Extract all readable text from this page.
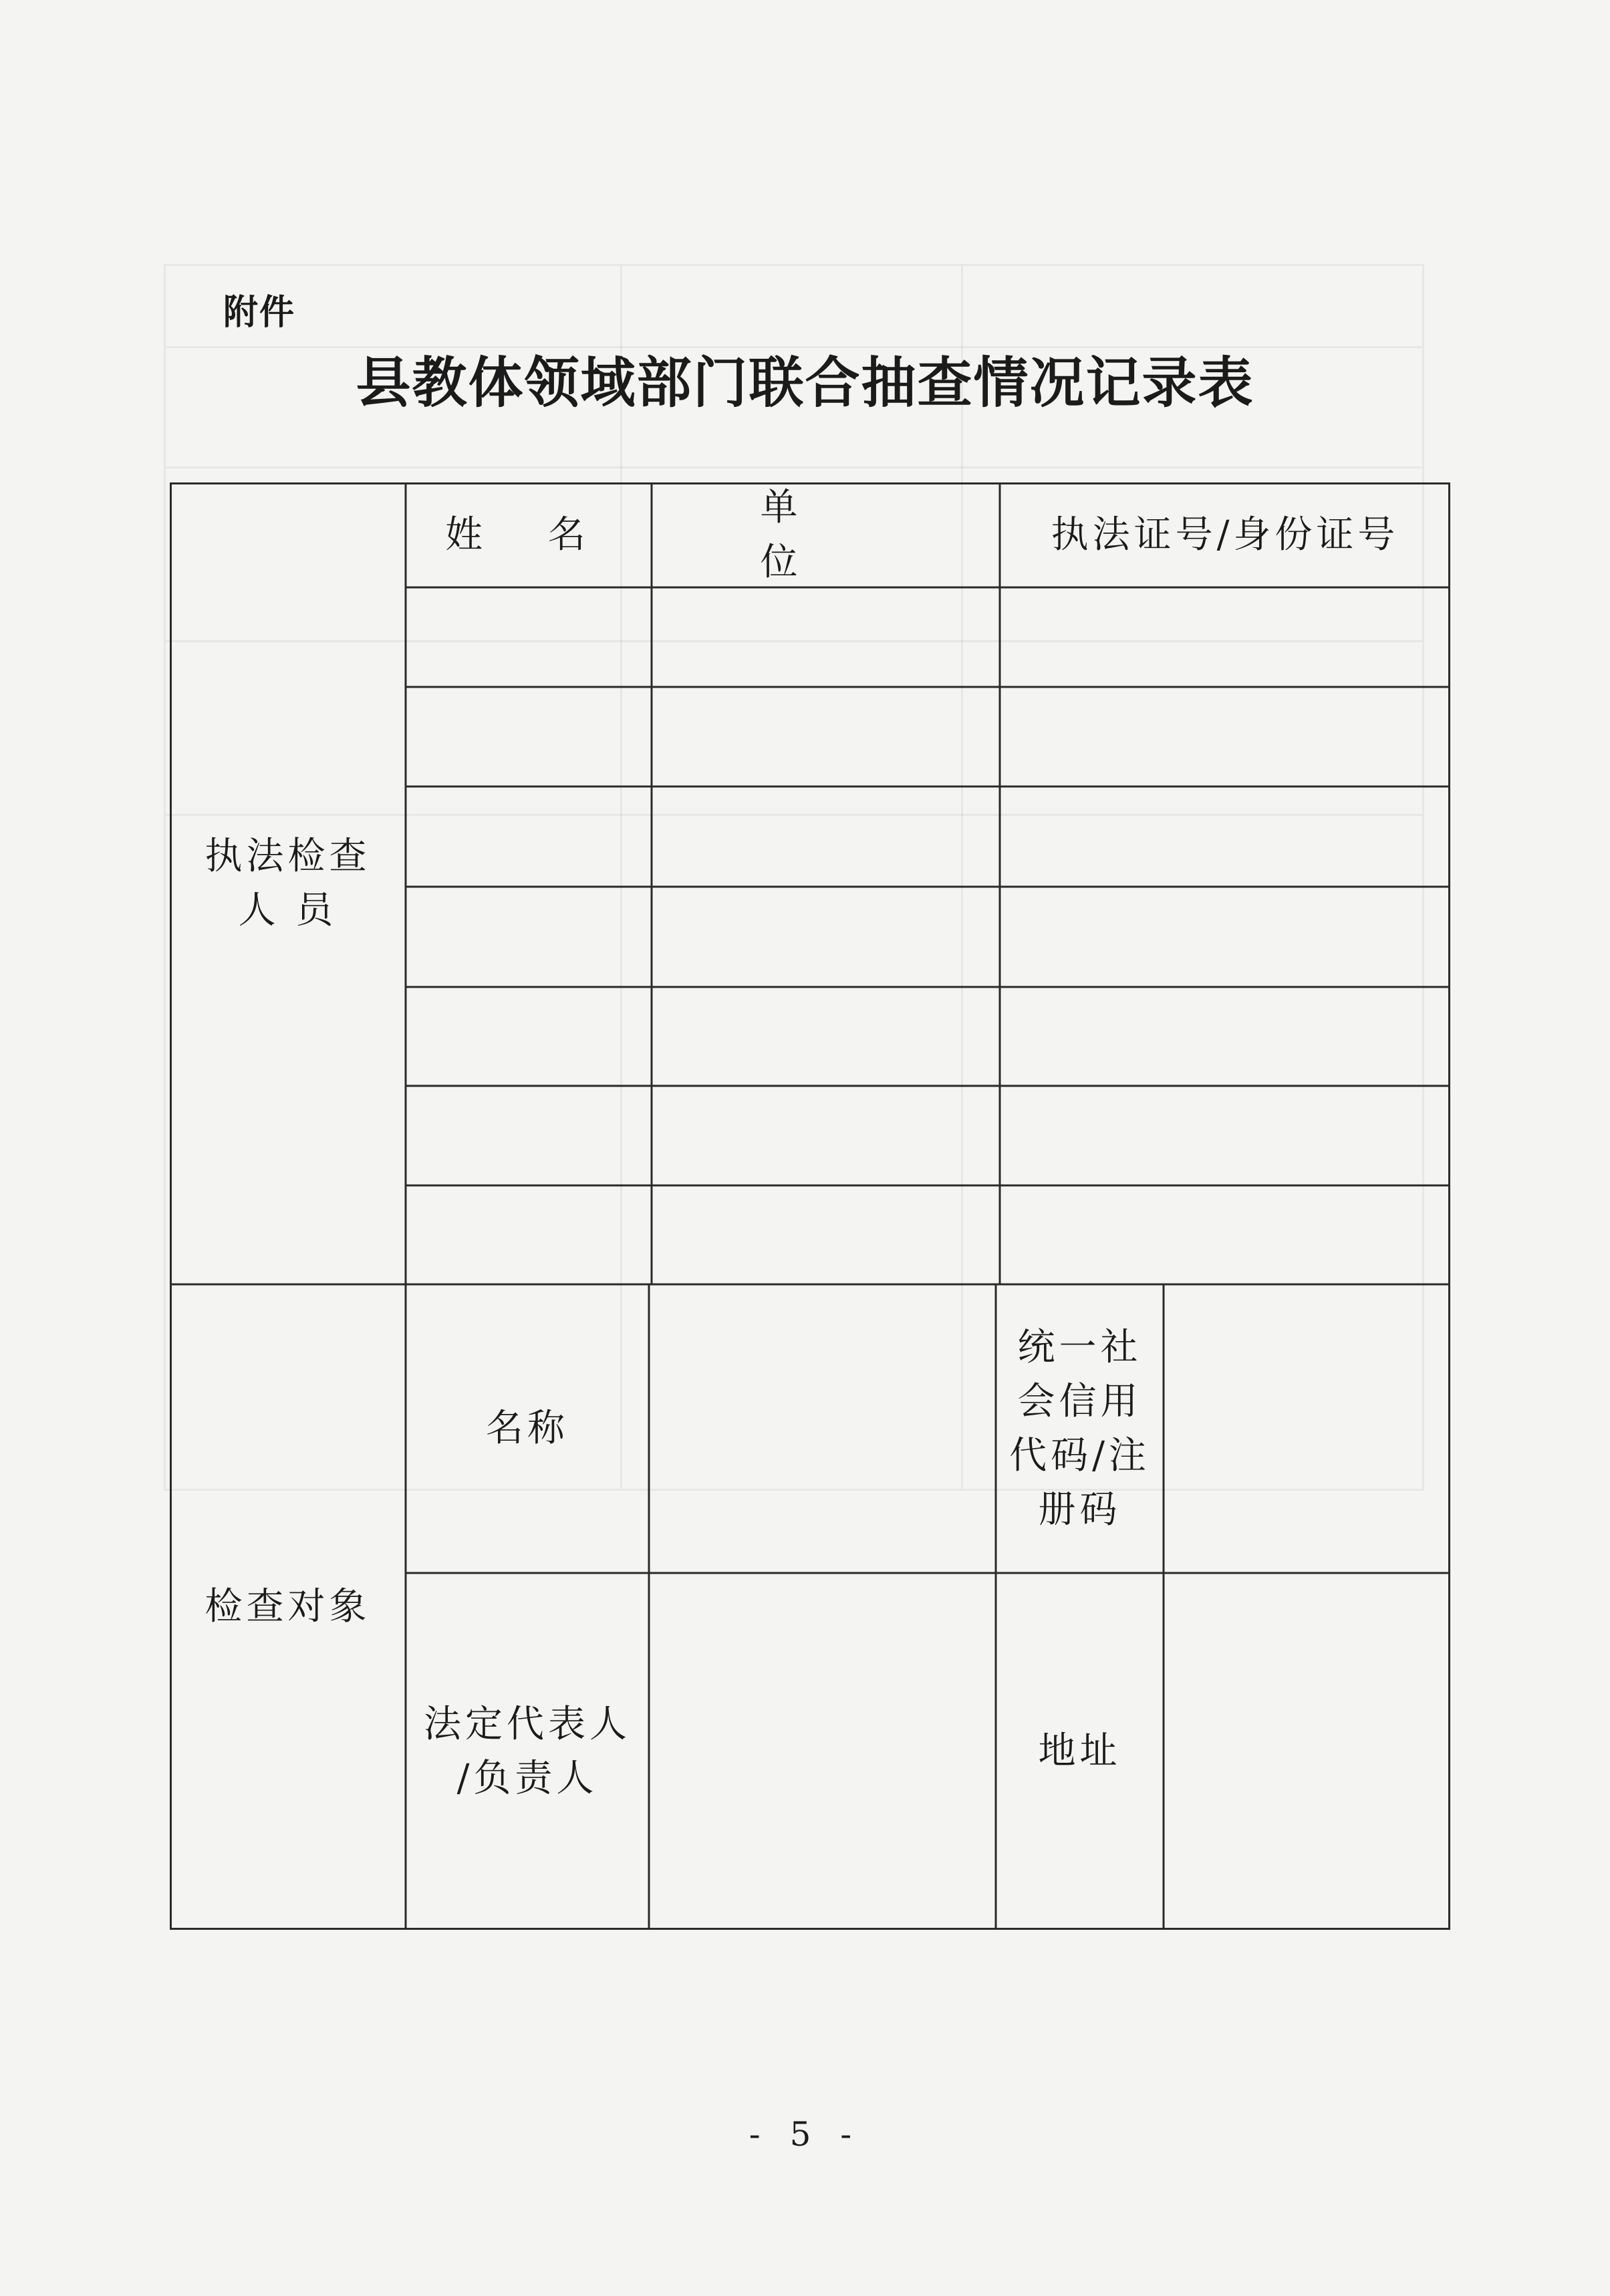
附件
县教体领域部门联合抽查情况记录表
执法检查
人 员
姓 名
单 位
执法证号/身份证号
检查对象
名称
统一社
会信用
代码/注
册码
法定代表人
/负责人
地址
- 5 -
